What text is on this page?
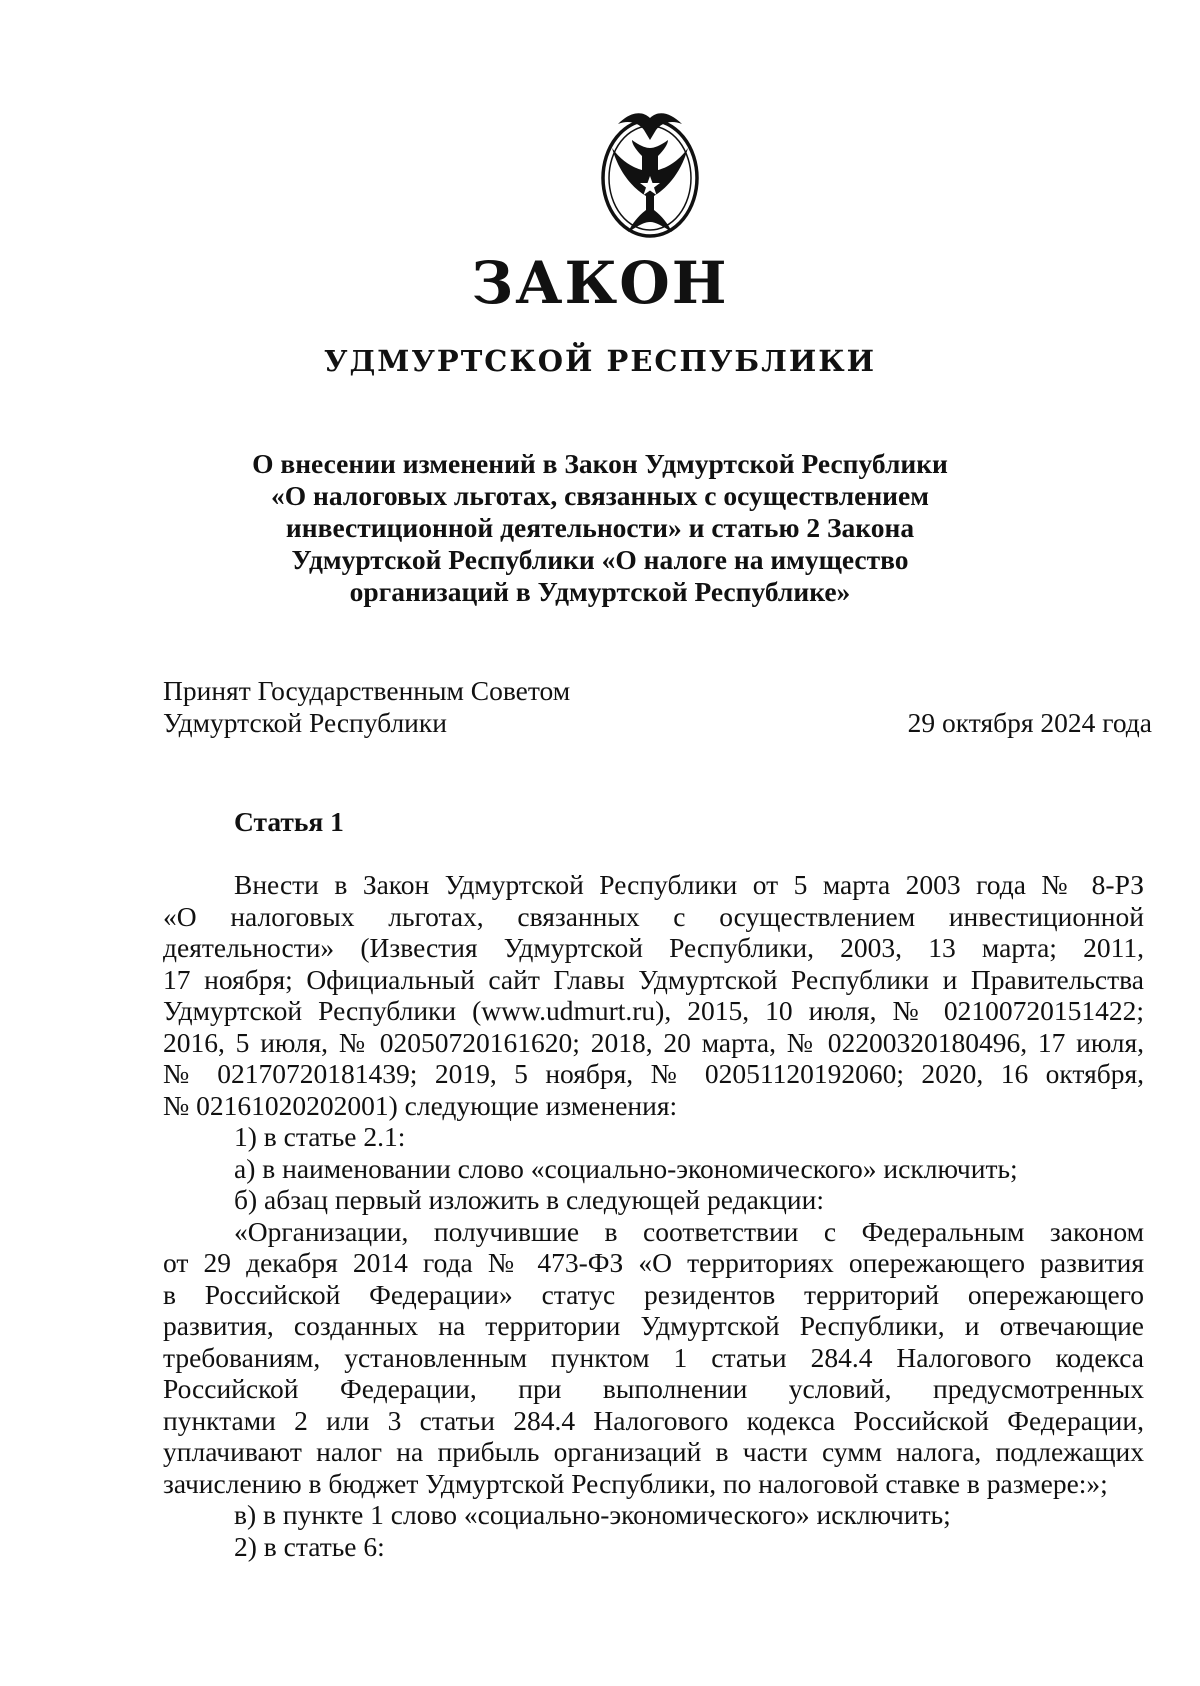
ЗАКОН
УДМУРТСКОЙ РЕСПУБЛИКИ
О внесении изменений в Закон Удмуртской Республики
«О налоговых льготах, связанных с осуществлением
инвестиционной деятельности» и статью 2 Закона
Удмуртской Республики «О налоге на имущество
организаций в Удмуртской Республике»
Принят Государственным Советом
Удмуртской Республики	29 октября 2024 года
Статья 1
Внести в Закон Удмуртской Республики от 5 марта 2003 года № 8-РЗ
«О налоговых льготах, связанных с осуществлением инвестиционной
деятельности» (Известия Удмуртской Республики, 2003, 13 марта; 2011,
17 ноября; Официальный сайт Главы Удмуртской Республики и Правительства
Удмуртской Республики (www.udmurt.ru), 2015, 10 июля, № 02100720151422;
2016, 5 июля, № 02050720161620; 2018, 20 марта, № 02200320180496, 17 июля,
№ 02170720181439; 2019, 5 ноября, № 02051120192060; 2020, 16 октября,
№ 02161020202001) следующие изменения:
1) в статье 2.1:
а) в наименовании слово «социально-экономического» исключить;
б) абзац первый изложить в следующей редакции:
«Организации, получившие в соответствии с Федеральным законом
от 29 декабря 2014 года № 473-ФЗ «О территориях опережающего развития
в Российской Федерации» статус резидентов территорий опережающего
развития, созданных на территории Удмуртской Республики, и отвечающие
требованиям, установленным пунктом 1 статьи 284.4 Налогового кодекса
Российской Федерации, при выполнении условий, предусмотренных
пунктами 2 или 3 статьи 284.4 Налогового кодекса Российской Федерации,
уплачивают налог на прибыль организаций в части сумм налога, подлежащих
зачислению в бюджет Удмуртской Республики, по налоговой ставке в размере:»;
в) в пункте 1 слово «социально-экономического» исключить;
2) в статье 6:
